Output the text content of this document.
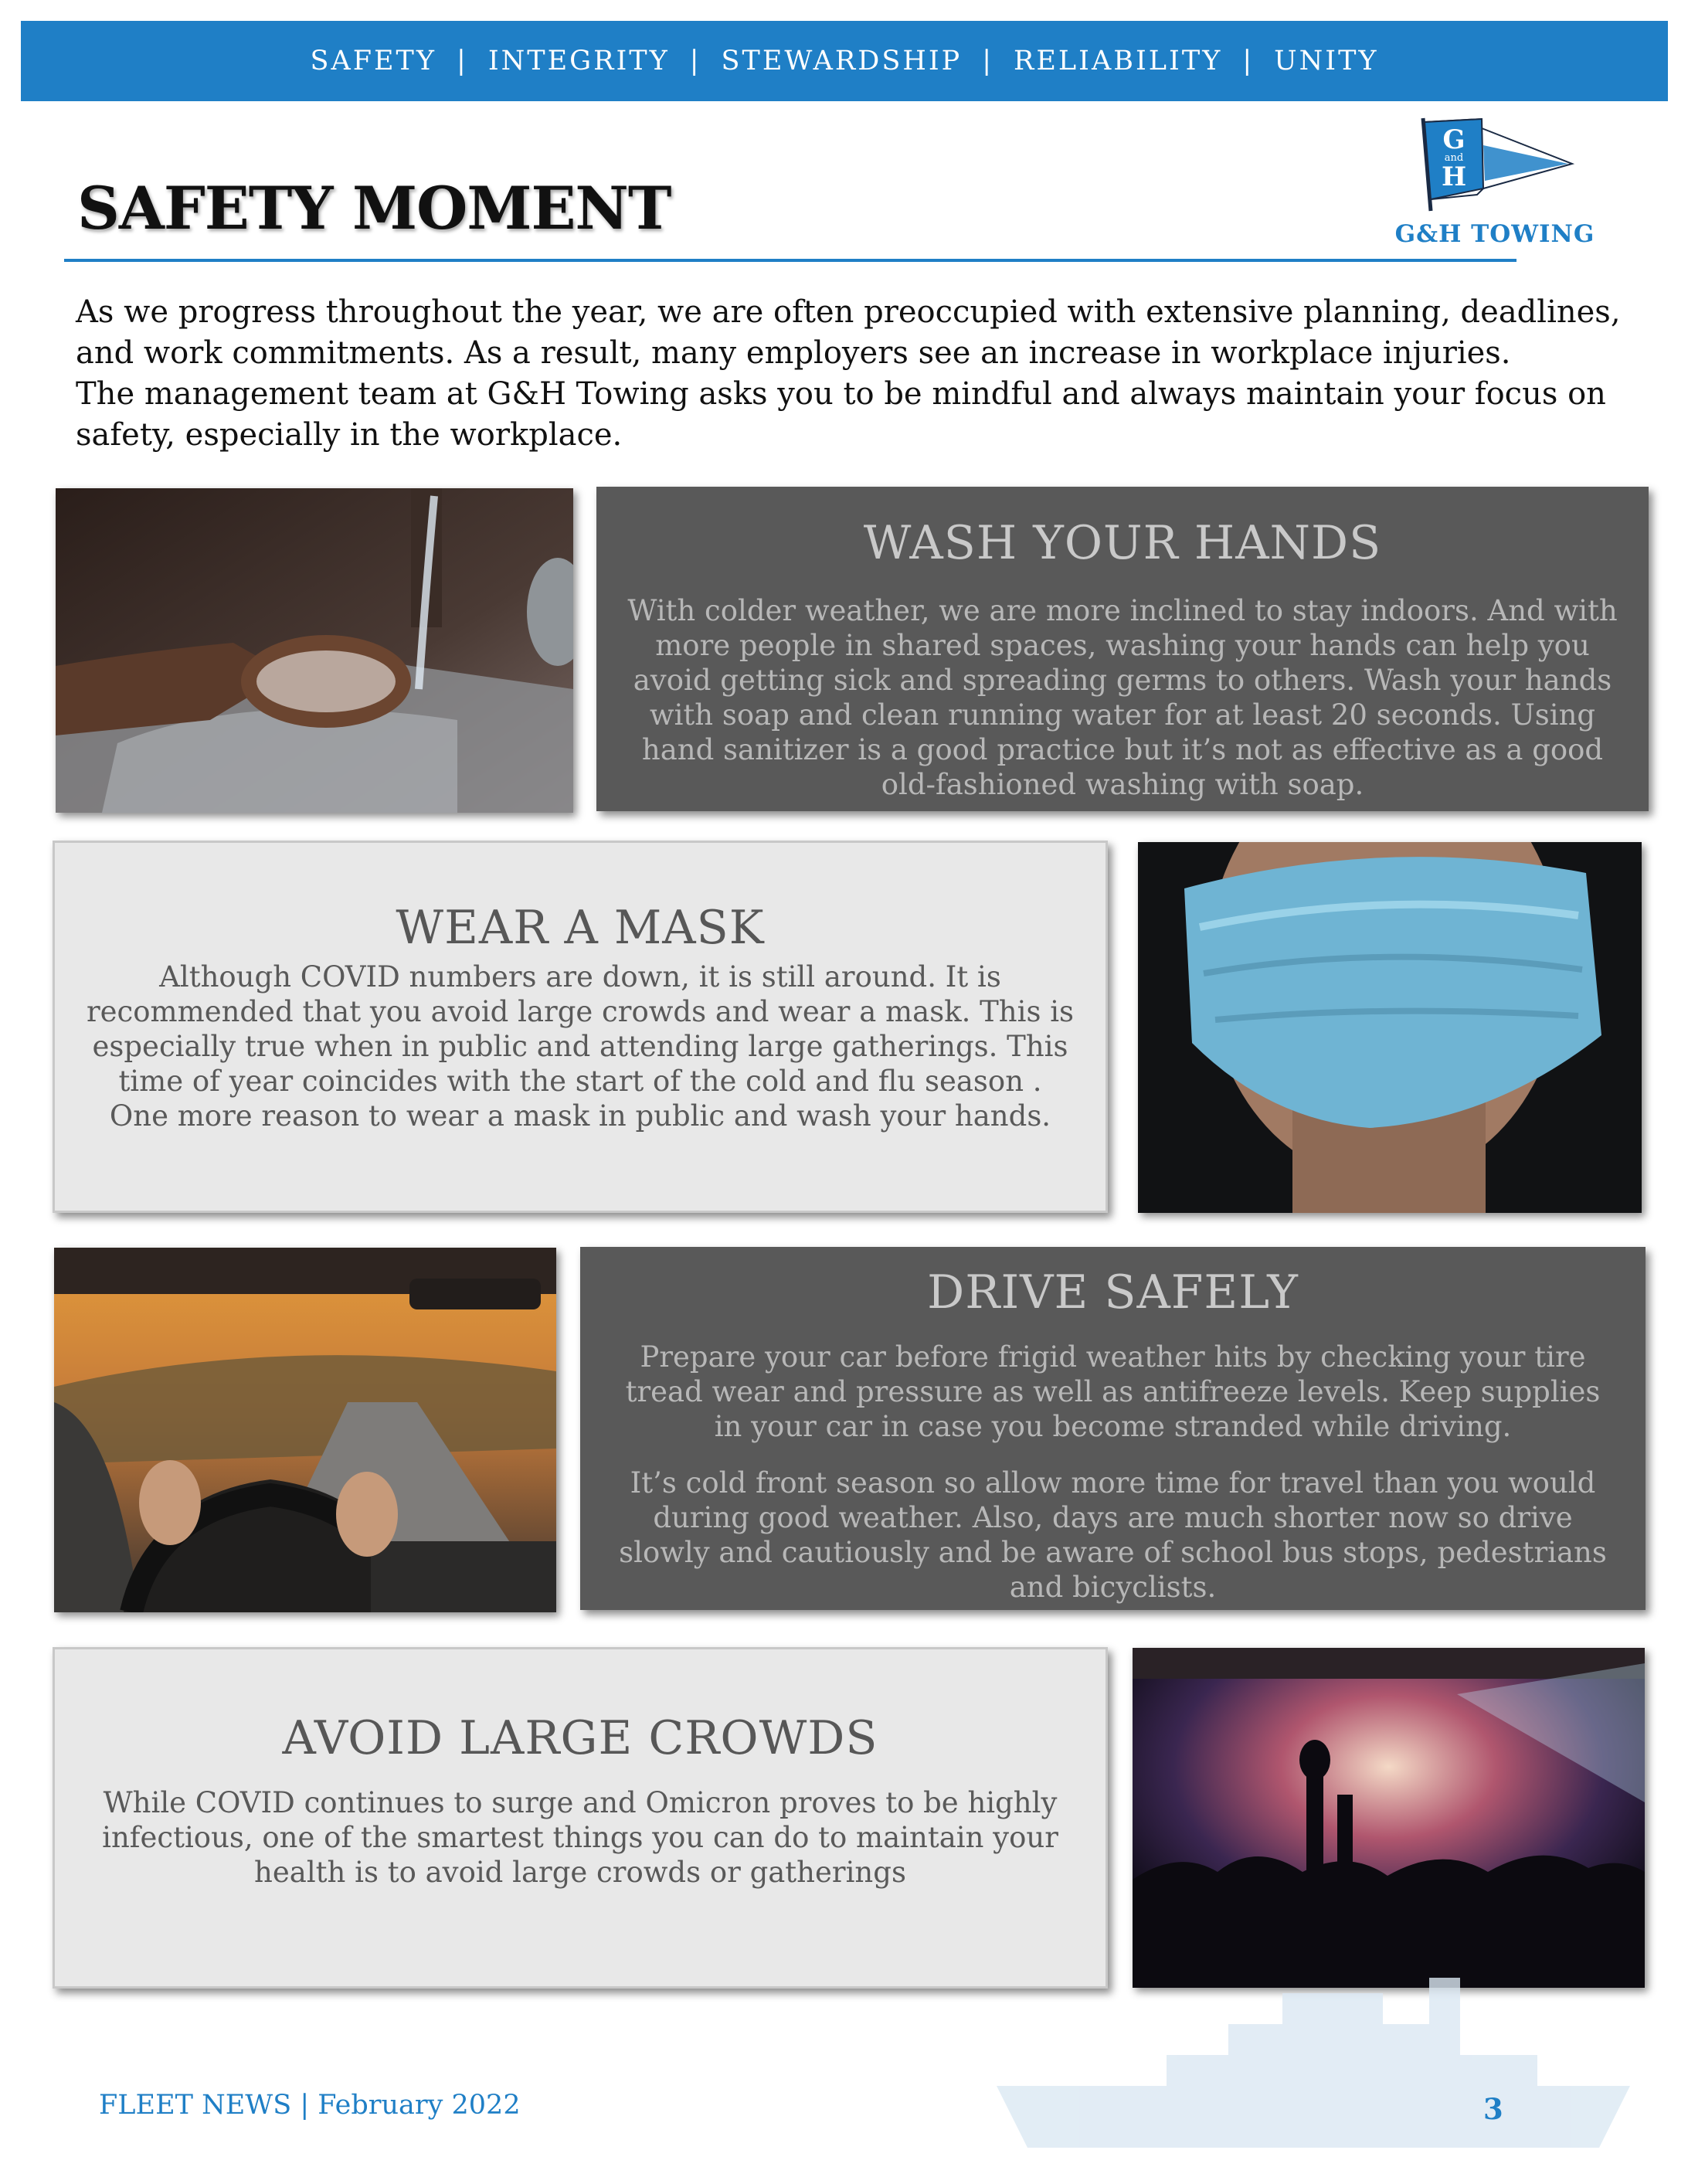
SAFETY | INTEGRITY | STEWARDSHIP | RELIABILITY | UNITY
SAFETY MOMENT
G
and
H
G&H TOWING

As we progress throughout the year, we are often preoccupied with extensive planning, deadlines, and work commitments. As a result, many employers see an increase in workplace injuries.

The management team at G&H Towing asks you to be mindful and always maintain your focus on safety, especially in the workplace.

WASH YOUR HANDS

With colder weather, we are more inclined to stay indoors. And with more people in shared spaces, washing your hands can help you avoid getting sick and spreading germs to others. Wash your hands with soap and clean running water for at least 20 seconds. Using hand sanitizer is a good practice but it’s not as effective as a good old-fashioned washing with soap.

WEAR A MASK

Although COVID numbers are down, it is still around. It is recommended that you avoid large crowds and wear a mask. This is especially true when in public and attending large gatherings. This time of year coincides with the start of the cold and flu season . One more reason to wear a mask in public and wash your hands.

DRIVE SAFELY

Prepare your car before frigid weather hits by checking your tire tread wear and pressure as well as antifreeze levels. Keep supplies in your car in case you become stranded while driving.

It’s cold front season so allow more time for travel than you would during good weather. Also, days are much shorter now so drive slowly and cautiously and be aware of school bus stops, pedestrians and bicyclists.

AVOID LARGE CROWDS

While COVID continues to surge and Omicron proves to be highly infectious, one of the smartest things you can do to maintain your health is to avoid large crowds or gatherings

FLEET NEWS | February 2022	3
